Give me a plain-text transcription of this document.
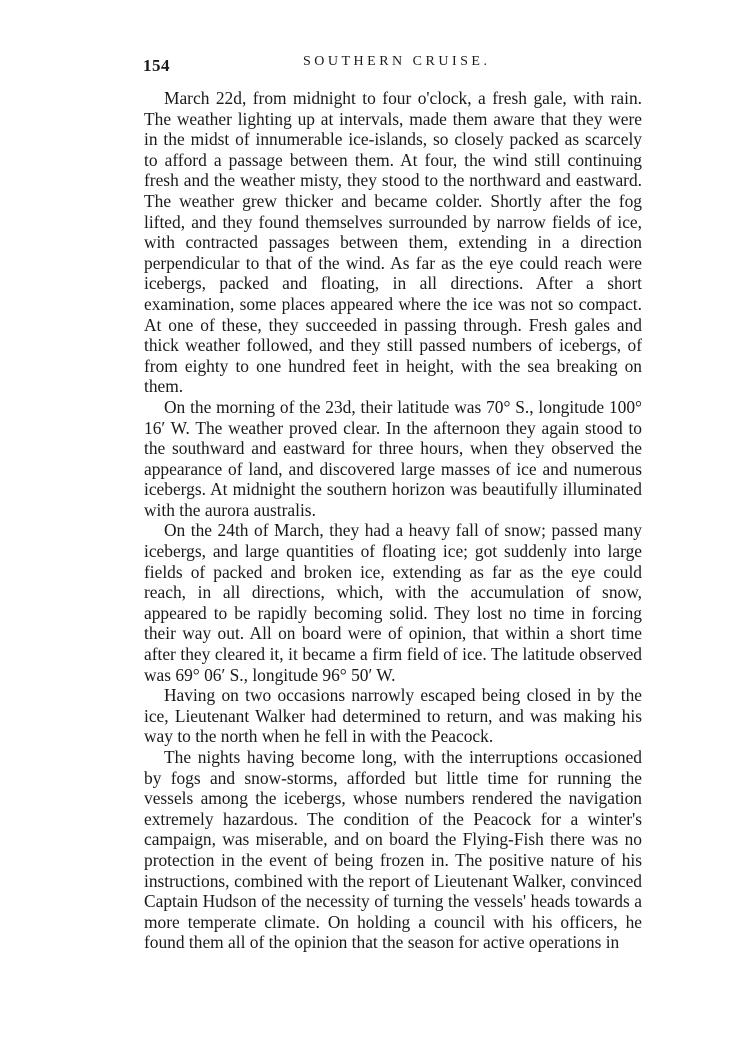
154	SOUTHERN CRUISE.

March 22d, from midnight to four o'clock, a fresh gale, with rain. The weather lighting up at intervals, made them aware that they were in the midst of innumerable ice-islands, so closely packed as scarcely to afford a passage between them. At four, the wind still continuing fresh and the weather misty, they stood to the northward and eastward. The weather grew thicker and became colder. Shortly after the fog lifted, and they found themselves surrounded by narrow fields of ice, with contracted passages between them, extending in a direction perpendicular to that of the wind. As far as the eye could reach were icebergs, packed and floating, in all directions. After a short examination, some places appeared where the ice was not so compact. At one of these, they succeeded in passing through. Fresh gales and thick weather followed, and they still passed numbers of icebergs, of from eighty to one hundred feet in height, with the sea breaking on them.

On the morning of the 23d, their latitude was 70° S., longitude 100° 16′ W. The weather proved clear. In the afternoon they again stood to the southward and eastward for three hours, when they observed the appearance of land, and discovered large masses of ice and numerous icebergs. At midnight the southern horizon was beautifully illuminated with the aurora australis.

On the 24th of March, they had a heavy fall of snow; passed many icebergs, and large quantities of floating ice; got suddenly into large fields of packed and broken ice, extending as far as the eye could reach, in all directions, which, with the accumulation of snow, appeared to be rapidly becoming solid. They lost no time in forcing their way out. All on board were of opinion, that within a short time after they cleared it, it became a firm field of ice. The latitude observed was 69° 06′ S., longitude 96° 50′ W.

Having on two occasions narrowly escaped being closed in by the ice, Lieutenant Walker had determined to return, and was making his way to the north when he fell in with the Peacock.

The nights having become long, with the interruptions occasioned by fogs and snow-storms, afforded but little time for running the vessels among the icebergs, whose numbers rendered the navigation extremely hazardous. The condition of the Peacock for a winter's campaign, was miserable, and on board the Flying-Fish there was no protection in the event of being frozen in. The positive nature of his instructions, combined with the report of Lieutenant Walker, convinced Captain Hudson of the necessity of turning the vessels' heads towards a more temperate climate. On holding a council with his officers, he found them all of the opinion that the season for active operations in
